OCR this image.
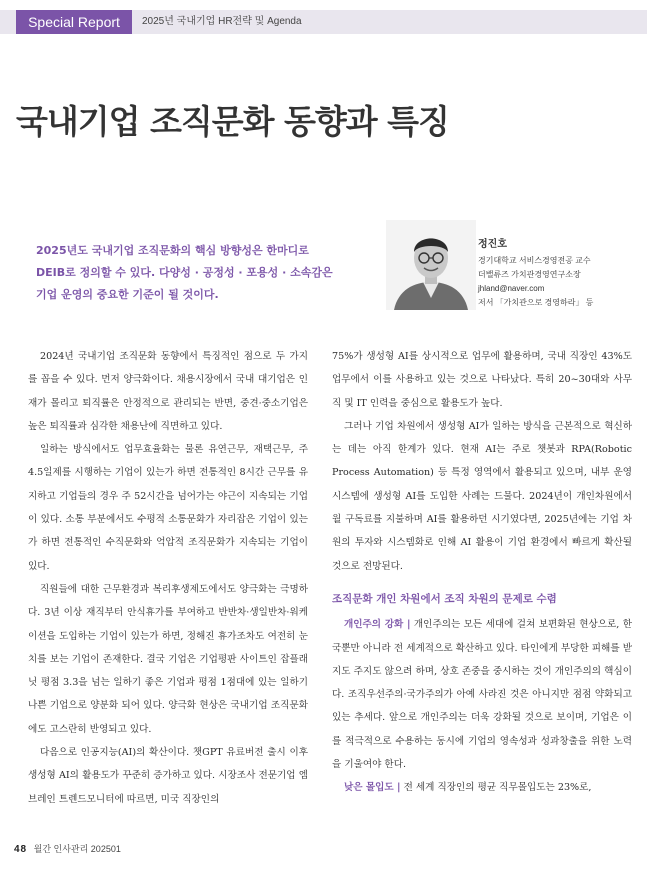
Special Report	2025년 국내기업 HR전략 및 Agenda
국내기업 조직문화 동향과 특징
2025년도 국내기업 조직문화의 핵심 방향성은 한마디로
DEIB로 정의할 수 있다. 다양성 · 공정성 · 포용성 · 소속감은
기업 운영의 중요한 기준이 될 것이다.
정진호
경기대학교 서비스경영전공 교수
더밸류즈 가치관경영연구소장
jhland@naver.com
저서 「가치관으로 경영하라」 등

2024년 국내기업 조직문화 동향에서 특징적인 점으로 두 가지를 꼽을 수 있다. 먼저 양극화이다. 채용시장에서 국내 대기업은 인재가 몰리고 퇴직률은 안정적으로 관리되는 반면, 중견·중소기업은 높은 퇴직률과 심각한 채용난에 직면하고 있다.

일하는 방식에서도 업무효율화는 물론 유연근무, 재택근무, 주 4.5일제를 시행하는 기업이 있는가 하면 전통적인 8시간 근무를 유지하고 기업들의 경우 주 52시간을 넘어가는 야근이 지속되는 기업이 있다. 소통 부분에서도 수평적 소통문화가 자리잡은 기업이 있는가 하면 전통적인 수직문화와 억압적 조직문화가 지속되는 기업이 있다.

직원들에 대한 근무환경과 복리후생제도에서도 양극화는 극명하다. 3년 이상 재직부터 안식휴가를 부여하고 반반차·생일반차·워케이션을 도입하는 기업이 있는가 하면, 정해진 휴가조차도 여전히 눈치를 보는 기업이 존재한다. 결국 기업은 기업평판 사이트인 잡플래닛 평점 3.3을 넘는 일하기 좋은 기업과 평점 1점대에 있는 일하기 나쁜 기업으로 양분화 되어 있다. 양극화 현상은 국내기업 조직문화에도 고스란히 반영되고 있다.

다음으로 인공지능(AI)의 확산이다. 챗GPT 유료버전 출시 이후 생성형 AI의 활용도가 꾸준히 증가하고 있다. 시장조사 전문기업 엠브레인 트렌드모니터에 따르면, 미국 직장인의

75%가 생성형 AI를 상시적으로 업무에 활용하며, 국내 직장인 43%도 업무에서 이를 사용하고 있는 것으로 나타났다. 특히 20~30대와 사무직 및 IT 인력을 중심으로 활용도가 높다.

그러나 기업 차원에서 생성형 AI가 일하는 방식을 근본적으로 혁신하는 데는 아직 한계가 있다. 현재 AI는 주로 챗봇과 RPA(Robotic Process Automation) 등 특정 영역에서 활용되고 있으며, 내부 운영시스템에 생성형 AI를 도입한 사례는 드물다. 2024년이 개인차원에서 월 구독료를 지불하며 AI를 활용하던 시기였다면, 2025년에는 기업 차원의 투자와 시스템화로 인해 AI 활용이 기업 환경에서 빠르게 확산될 것으로 전망된다.

조직문화 개인 차원에서 조직 차원의 문제로 수렴

개인주의 강화 | 개인주의는 모든 세대에 걸쳐 보편화된 현상으로, 한국뿐만 아니라 전 세계적으로 확산하고 있다. 타인에게 부당한 피해를 받지도 주지도 않으려 하며, 상호 존중을 중시하는 것이 개인주의의 핵심이다. 조직우선주의·국가주의가 아예 사라진 것은 아니지만 점점 약화되고 있는 추세다. 앞으로 개인주의는 더욱 강화될 것으로 보이며, 기업은 이를 적극적으로 수용하는 동시에 기업의 영속성과 성과창출을 위한 노력을 기울여야 한다.

낮은 몰입도 | 전 세계 직장인의 평균 직무몰입도는 23%로,

48 월간 인사관리 202501
